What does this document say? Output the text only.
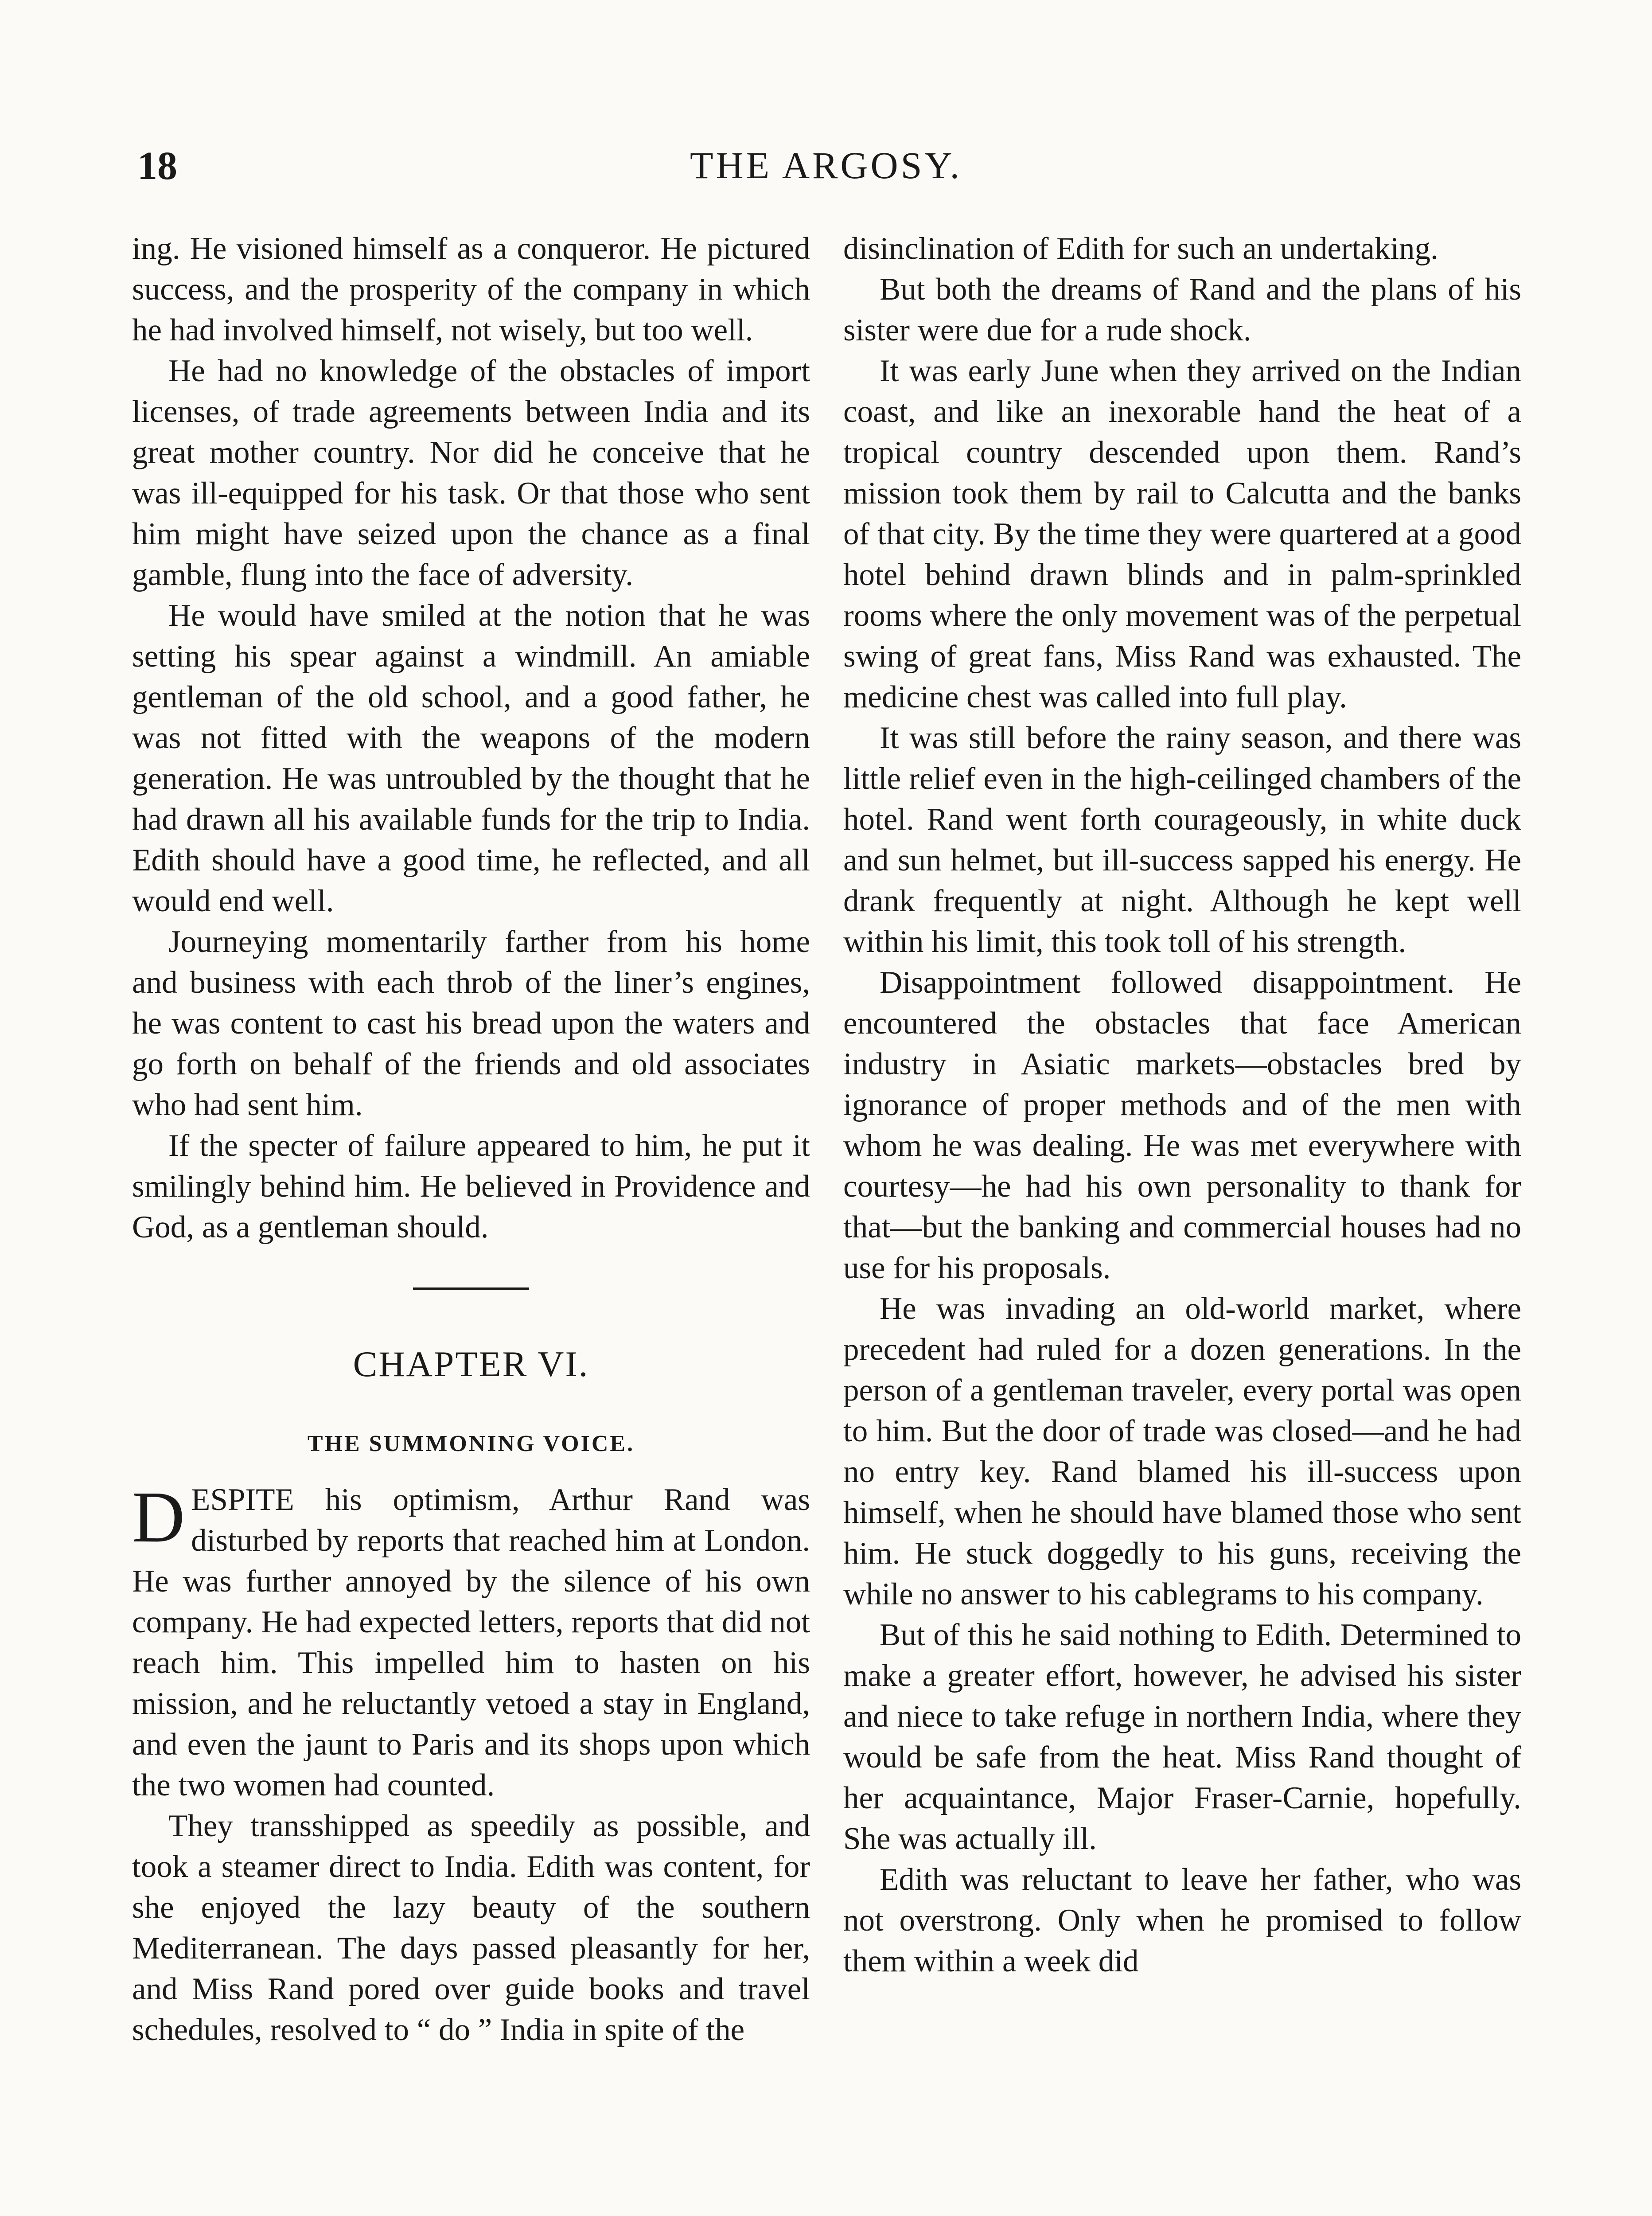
18	THE ARGOSY.

ing. He visioned himself as a conqueror. He pictured success, and the prosperity of the company in which he had involved himself, not wisely, but too well.

He had no knowledge of the obstacles of import licenses, of trade agreements between India and its great mother country. Nor did he conceive that he was ill-equipped for his task. Or that those who sent him might have seized upon the chance as a final gamble, flung into the face of adversity.

He would have smiled at the notion that he was setting his spear against a windmill. An amiable gentleman of the old school, and a good father, he was not fitted with the weapons of the modern generation. He was untroubled by the thought that he had drawn all his available funds for the trip to India. Edith should have a good time, he reflected, and all would end well.

Journeying momentarily farther from his home and business with each throb of the liner’s engines, he was content to cast his bread upon the waters and go forth on behalf of the friends and old associates who had sent him.

If the specter of failure appeared to him, he put it smilingly behind him. He believed in Providence and God, as a gentleman should.

CHAPTER VI.
THE SUMMONING VOICE.

DESPITE his optimism, Arthur Rand was disturbed by reports that reached him at London. He was further annoyed by the silence of his own company. He had expected letters, reports that did not reach him. This impelled him to hasten on his mission, and he reluctantly vetoed a stay in England, and even the jaunt to Paris and its shops upon which the two women had counted.

They transshipped as speedily as possible, and took a steamer direct to India. Edith was content, for she enjoyed the lazy beauty of the southern Mediterranean. The days passed pleasantly for her, and Miss Rand pored over guide books and travel schedules, resolved to “ do ” India in spite of the

disinclination of Edith for such an undertaking.

But both the dreams of Rand and the plans of his sister were due for a rude shock.

It was early June when they arrived on the Indian coast, and like an inexorable hand the heat of a tropical country descended upon them. Rand’s mission took them by rail to Calcutta and the banks of that city. By the time they were quartered at a good hotel behind drawn blinds and in palm-sprinkled rooms where the only movement was of the perpetual swing of great fans, Miss Rand was exhausted. The medicine chest was called into full play.

It was still before the rainy season, and there was little relief even in the high-ceilinged chambers of the hotel. Rand went forth courageously, in white duck and sun helmet, but ill-success sapped his energy. He drank frequently at night. Although he kept well within his limit, this took toll of his strength.

Disappointment followed disappointment. He encountered the obstacles that face American industry in Asiatic markets—obstacles bred by ignorance of proper methods and of the men with whom he was dealing. He was met everywhere with courtesy—he had his own personality to thank for that—but the banking and commercial houses had no use for his proposals.

He was invading an old-world market, where precedent had ruled for a dozen generations. In the person of a gentleman traveler, every portal was open to him. But the door of trade was closed—and he had no entry key. Rand blamed his ill-success upon himself, when he should have blamed those who sent him. He stuck doggedly to his guns, receiving the while no answer to his cablegrams to his company.

But of this he said nothing to Edith. Determined to make a greater effort, however, he advised his sister and niece to take refuge in northern India, where they would be safe from the heat. Miss Rand thought of her acquaintance, Major Fraser-Carnie, hopefully. She was actually ill.

Edith was reluctant to leave her father, who was not overstrong. Only when he promised to follow them within a week did
